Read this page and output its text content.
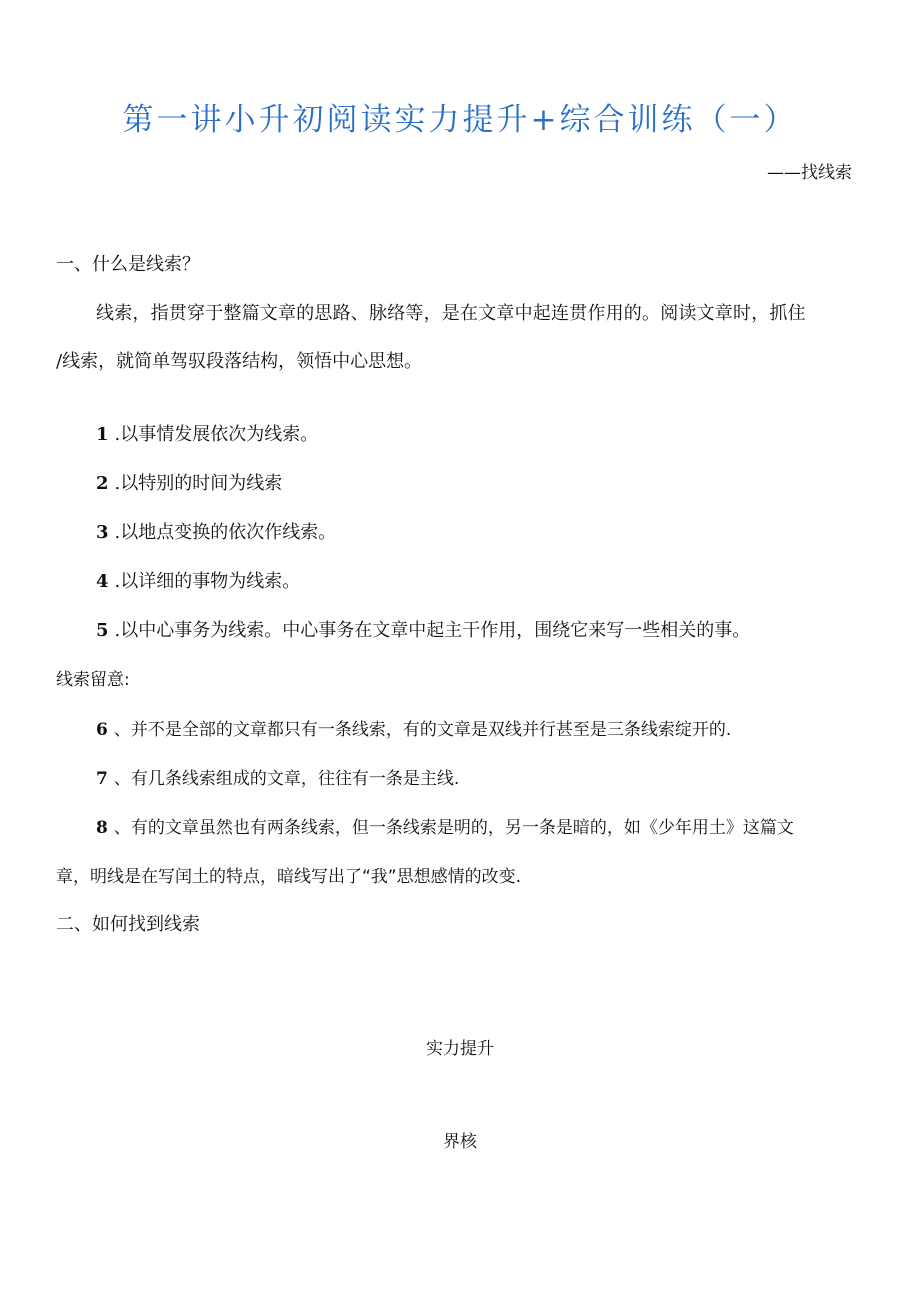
第一讲小升初阅读实力提升+综合训练（一）
——找线索
一、什么是线索？
线索，指贯穿于整篇文章的思路、脉络等，是在文章中起连贯作用的。阅读文章时，抓住
/线索，就简单驾驭段落结构，领悟中心思想。
1 .以事情发展依次为线索。
2 .以特别的时间为线索
3 .以地点变换的依次作线索。
4 .以详细的事物为线索。
5 .以中心事务为线索。中心事务在文章中起主干作用，围绕它来写一些相关的事。
线索留意:
6 、并不是全部的文章都只有一条线索，有的文章是双线并行甚至是三条线索绽开的.
7 、有几条线索组成的文章，往往有一条是主线.
8 、有的文章虽然也有两条线索，但一条线索是明的，另一条是暗的，如《少年用土》这篇文
章，明线是在写闰土的特点，暗线写出了“我”思想感情的改变.
二、如何找到线索
实力提升
界核
